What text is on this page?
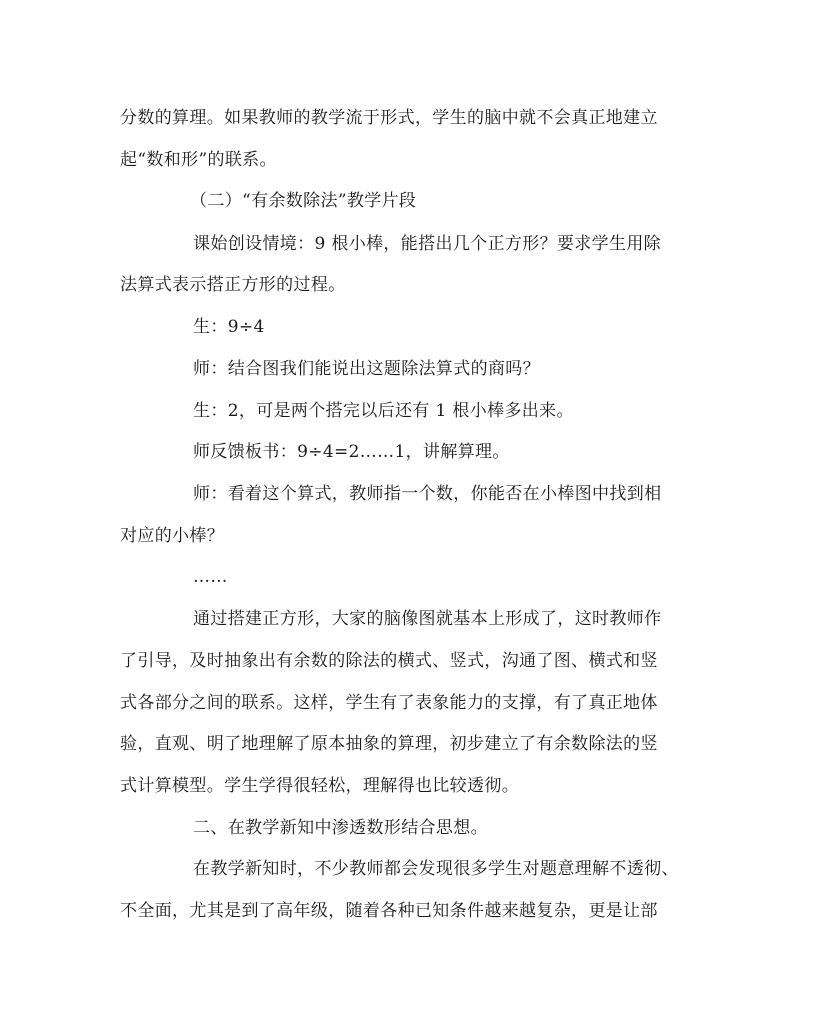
分数的算理。如果教师的教学流于形式，学生的脑中就不会真正地建立
起“数和形”的联系。
（二）“有余数除法”教学片段
课始创设情境：9 根小棒，能搭出几个正方形？要求学生用除
法算式表示搭正方形的过程。
生：9÷4
师：结合图我们能说出这题除法算式的商吗？
生：2，可是两个搭完以后还有 1 根小棒多出来。
师反馈板书：9÷4=2……1，讲解算理。
师：看着这个算式，教师指一个数，你能否在小棒图中找到相
对应的小棒？
……
通过搭建正方形，大家的脑像图就基本上形成了，这时教师作
了引导，及时抽象出有余数的除法的横式、竖式，沟通了图、横式和竖
式各部分之间的联系。这样，学生有了表象能力的支撑，有了真正地体
验，直观、明了地理解了原本抽象的算理，初步建立了有余数除法的竖
式计算模型。学生学得很轻松，理解得也比较透彻。
二、在教学新知中渗透数形结合思想。
在教学新知时，不少教师都会发现很多学生对题意理解不透彻、
不全面，尤其是到了高年级，随着各种已知条件越来越复杂，更是让部
